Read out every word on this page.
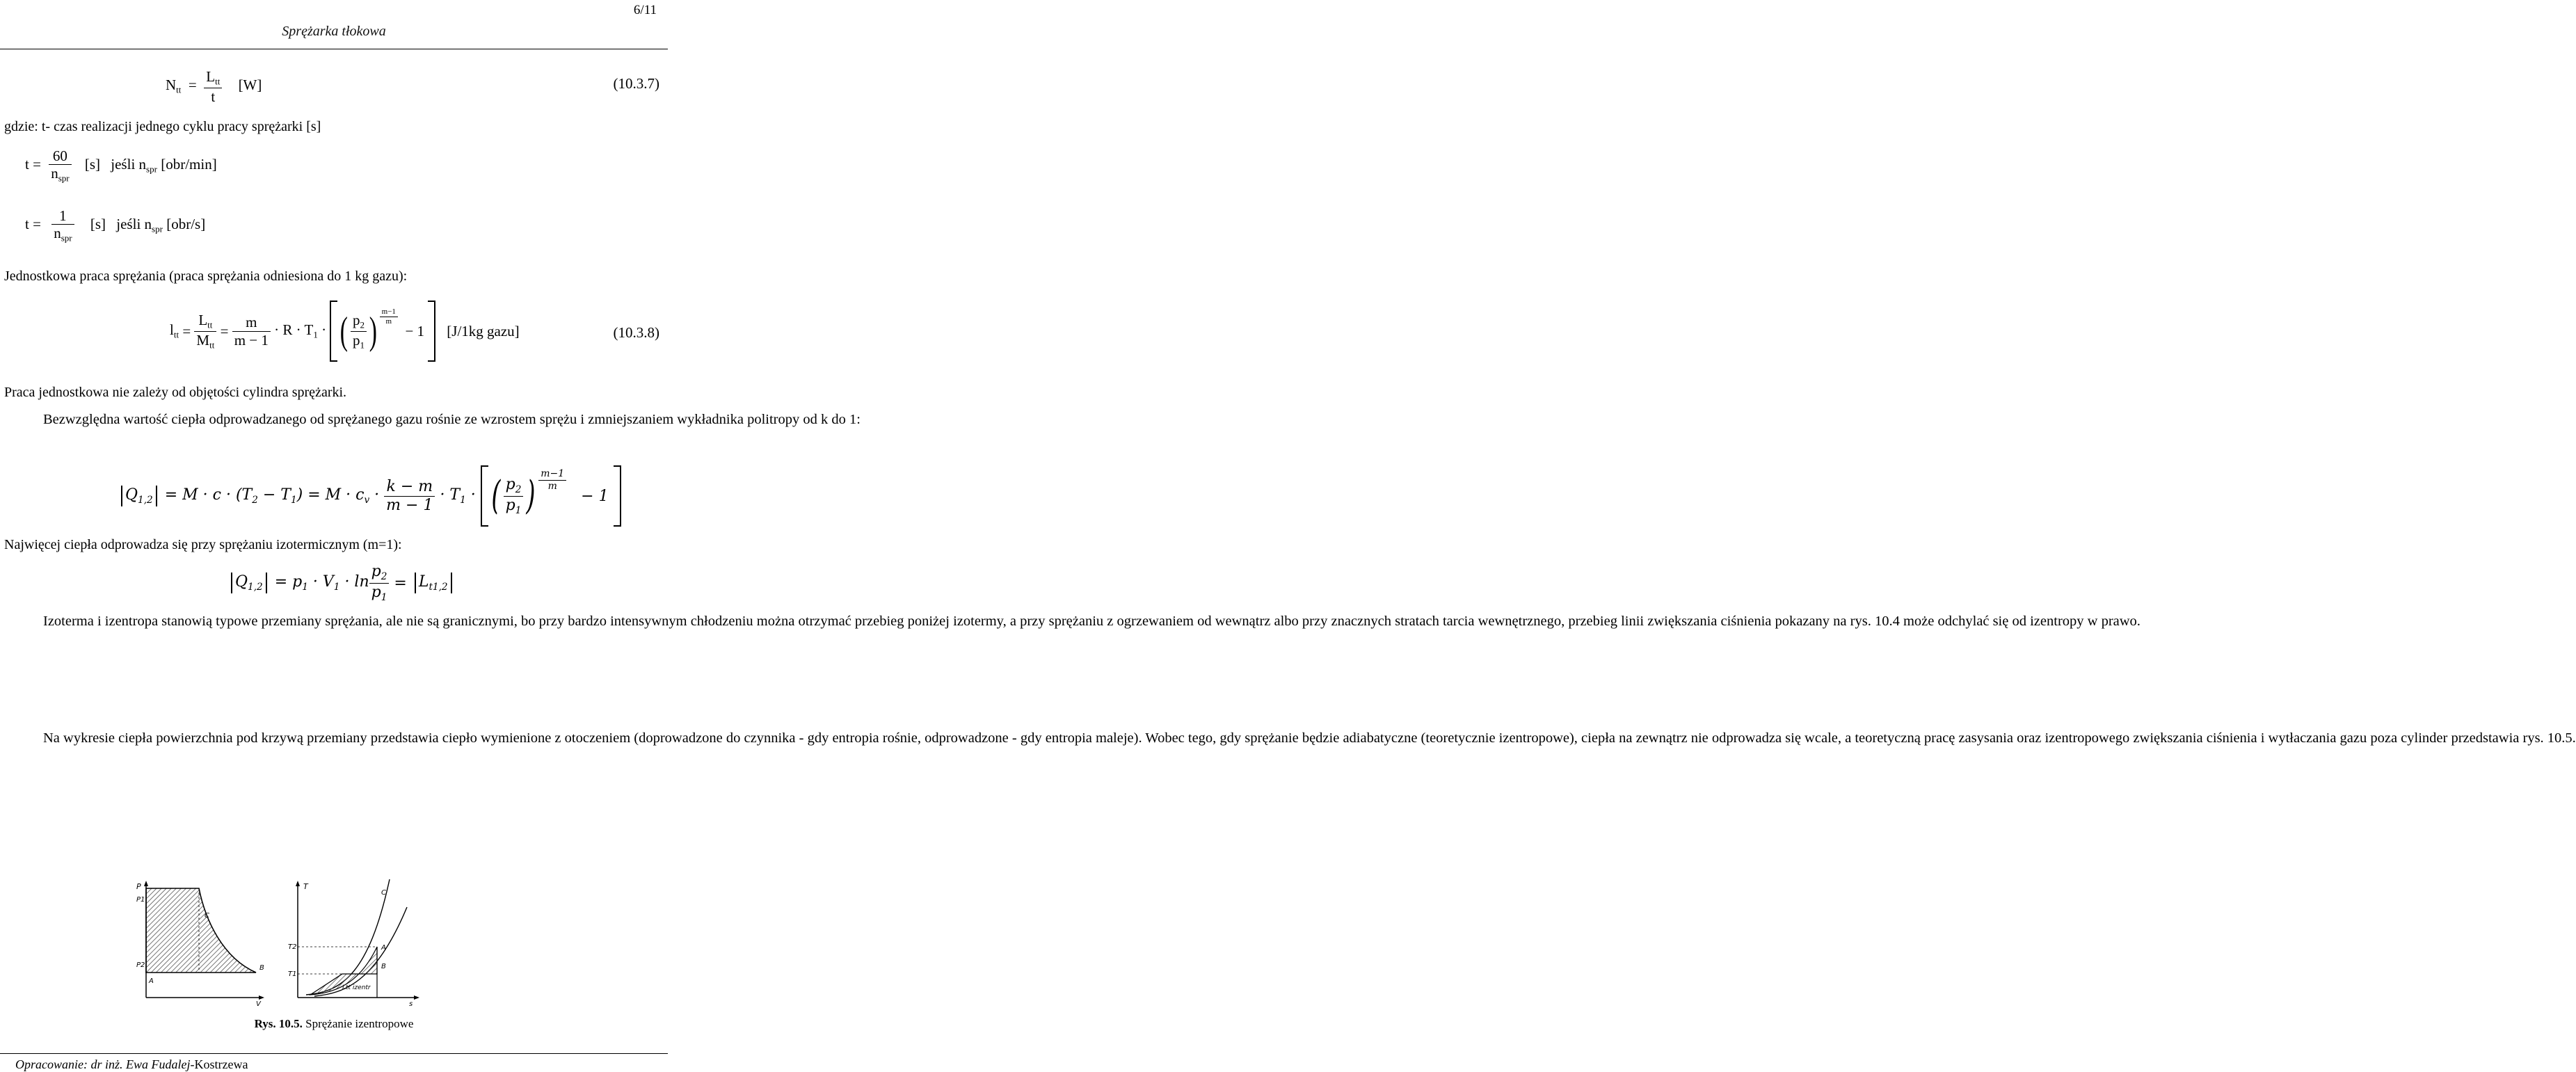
6/11
Sprężarka tłokowa
$N_{tt} = \frac{L_{tt}}{t} [W]$	(10.3.7)
gdzie: t- czas realizacji jednego cyklu pracy sprężarki [s]
$t = \frac{60}{n_{spr}} [s]$ jeśli $n_{spr}$ [obr/min]
$t = \frac{1}{n_{spr}} [s]$ jeśli $n_{spr}$ [obr/s]
Jednostkowa praca sprężania (praca sprężania odniesiona do 1 kg gazu):
$l_{tt} = \frac{L_{tt}}{M_{tt}} = \frac{m}{m - 1} \cdot R \cdot T_1$ · ( $\frac{p_2}{p_1}$ ) $\frac{m-1}{m}$
− 1 [J/1kg gazu]	(10.3.8)
Praca jednostkowa nie zależy od objętości cylindra sprężarki.

Bezwzględna wartość ciepła odprowadzanego od sprężanego gazu rośnie ze wzrostem sprężu i zmniejszaniem wykładnika politropy od k do 1:

$Q_{1,2} = M \cdot c \cdot (T_2 - T_1) = M \cdot c_v \cdot \frac{k - m}{m - 1} \cdot T_1$ · ( $\frac{p_2}{p_1}$ ) $\frac{m-1}{m}$
− 1
Najwięcej ciepła odprowadza się przy sprężaniu izotermicznym (m=1):
$Q_{1,2} = p_1 \cdot V_1 \cdot \ln \frac{p_2}{p_1} = L_{t1,2}$

Izoterma i izentropa stanowią typowe przemiany sprężania, ale nie są granicznymi, bo przy bardzo intensywnym chłodzeniu można otrzymać przebieg poniżej izotermy, a przy sprężaniu z ogrzewaniem od wewnątrz albo przy znacznych stratach tarcia wewnętrznego, przebieg linii zwiększania ciśnienia pokazany na rys. 10.4 może odchylać się od izentropy w prawo.

Na wykresie ciepła powierzchnia pod krzywą przemiany przedstawia ciepło wymienione z otoczeniem (doprowadzone do czynnika - gdy entropia rośnie, odprowadzone - gdy entropia maleje). Wobec tego, gdy sprężanie będzie adiabatyczne (teoretycznie izentropowe), ciepła na zewnątrz nie odprowadza się wcale, a teoretyczną pracę zasysania oraz izentropowego zwiększania ciśnienia i wytłaczania gazu poza cylinder przedstawia rys. 10.5.

P
P1
P2
C
B
A
V
T
T2
T1
C
B
A
Ltt izentr
s
Rys. 10.5. Sprężanie izentropowe
Opracowanie: dr inż. Ewa Fudalej-Kostrzewa
